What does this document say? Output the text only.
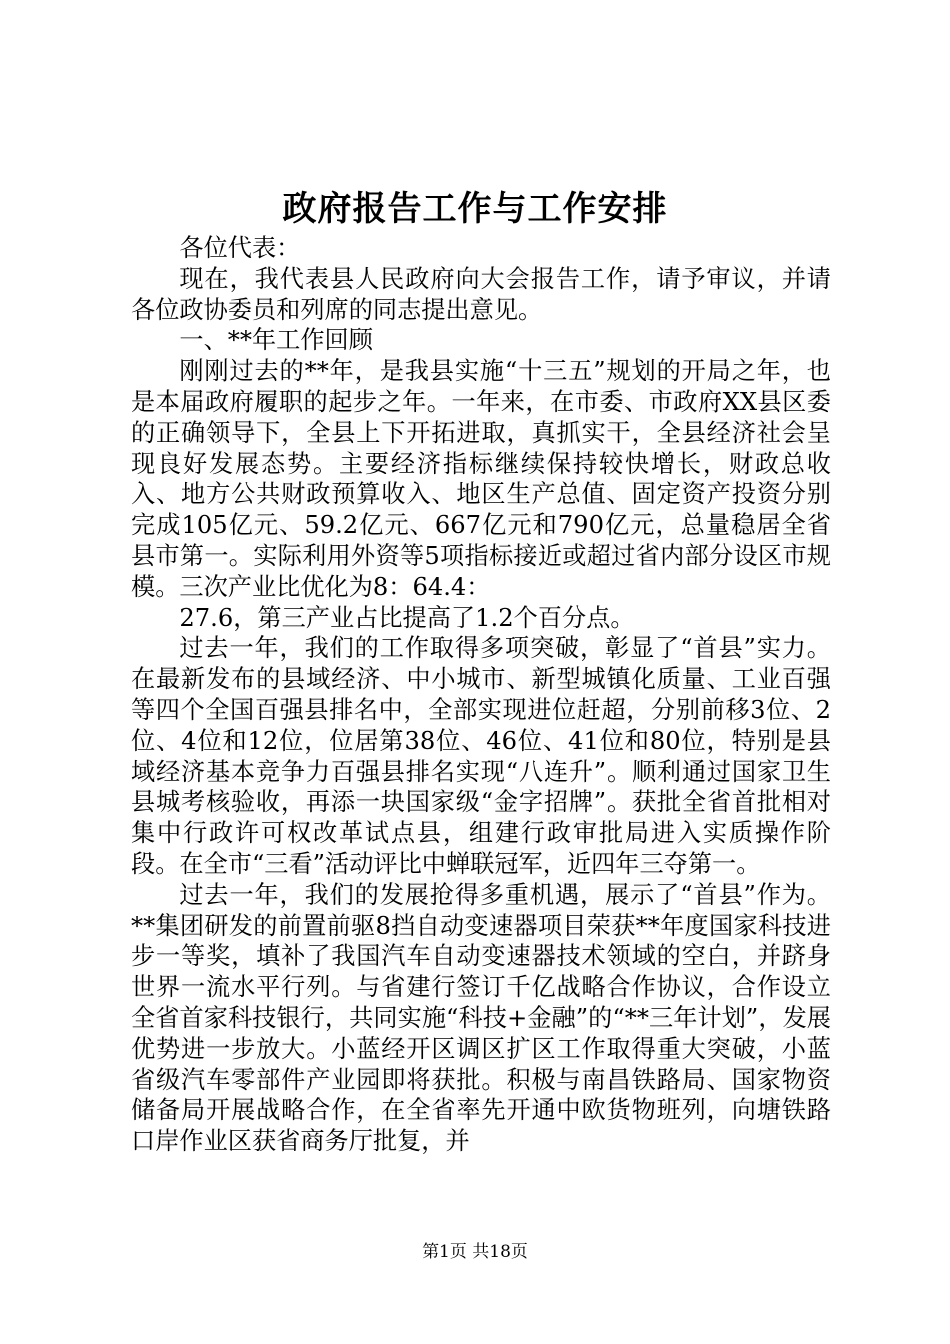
政府报告工作与工作安排

各位代表：

现在，我代表县人民政府向大会报告工作，请予审议，并请各位政协委员和列席的同志提出意见。

一、**年工作回顾

刚刚过去的**年，是我县实施“十三五”规划的开局之年，也是本届政府履职的起步之年。一年来，在市委、市政府XX县区委的正确领导下，全县上下开拓进取，真抓实干，全县经济社会呈现良好发展态势。主要经济指标继续保持较快增长，财政总收入、地方公共财政预算收入、地区生产总值、固定资产投资分别完成105亿元、59.2亿元、667亿元和790亿元，总量稳居全省县市第一。实际利用外资等5项指标接近或超过省内部分设区市规模。三次产业比优化为8：64.4：

27.6，第三产业占比提高了1.2个百分点。

过去一年，我们的工作取得多项突破，彰显了“首县”实力。在最新发布的县域经济、中小城市、新型城镇化质量、工业百强等四个全国百强县排名中，全部实现进位赶超，分别前移3位、2位、4位和12位，位居第38位、46位、41位和80位，特别是县域经济基本竞争力百强县排名实现“八连升”。顺利通过国家卫生县城考核验收，再添一块国家级“金字招牌”。获批全省首批相对集中行政许可权改革试点县，组建行政审批局进入实质操作阶段。在全市“三看”活动评比中蝉联冠军，近四年三夺第一。

过去一年，我们的发展抢得多重机遇，展示了“首县”作为。**集团研发的前置前驱8挡自动变速器项目荣获**年度国家科技进步一等奖，填补了我国汽车自动变速器技术领域的空白，并跻身世界一流水平行列。与省建行签订千亿战略合作协议，合作设立全省首家科技银行，共同实施“科技+金融”的“**三年计划”，发展优势进一步放大。小蓝经开区调区扩区工作取得重大突破，小蓝省级汽车零部件产业园即将获批。积极与南昌铁路局、国家物资储备局开展战略合作，在全省率先开通中欧货物班列，向塘铁路口岸作业区获省商务厅批复，并

第1页 共18页
